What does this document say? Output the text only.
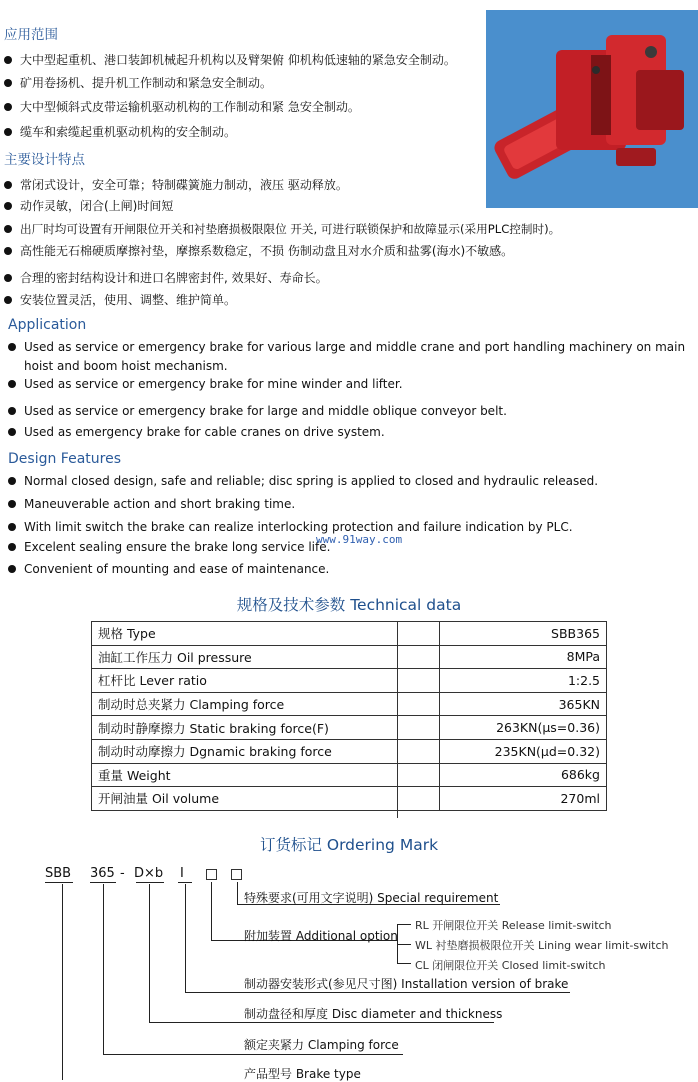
应用范围
大中型起重机、港口装卸机械起升机构以及臂架俯 仰机构低速轴的紧急安全制动。
矿用卷扬机、提升机工作制动和紧急安全制动。
大中型倾斜式皮带运输机驱动机构的工作制动和紧 急安全制动。
缆车和索缆起重机驱动机构的安全制动。
主要设计特点
常闭式设计，安全可靠；特制碟簧施力制动，液压 驱动释放。
动作灵敏，闭合(上闸)时间短
出厂时均可设置有开闸限位开关和衬垫磨损极限限位 开关, 可进行联锁保护和故障显示(采用PLC控制时)。
高性能无石棉硬质摩擦衬垫，摩擦系数稳定，不损 伤制动盘且对水介质和盐雾(海水)不敏感。
合理的密封结构设计和进口名牌密封件, 效果好、寿命长。
安装位置灵活，使用、调整、维护简单。
Application
Used as service or emergency brake for various large and middle crane and port handling machinery on main
hoist and boom hoist mechanism.
Used as service or emergency brake for mine winder and lifter.
Used as service or emergency brake for large and middle oblique conveyor belt.
Used as emergency brake for cable cranes on drive system.
Design Features
Normal closed design, safe and reliable; disc spring is applied to closed and hydraulic released.
Maneuverable action and short braking time.
With limit switch the brake can realize interlocking protection and failure indication by PLC.
Excelent sealing ensure the brake long service life.
Convenient of mounting and ease of maintenance.
www.91way.com
规格及技术参数 Technical data
规格 Type	SBB365
油缸工作压力 Oil pressure	8MPa
杠杆比 Lever ratio	1:2.5
制动时总夹紧力 Clamping force	365KN
制动时静摩擦力 Static braking force(F)	263KN(μs=0.36)
制动时动摩擦力 Dgnamic braking force	235KN(μd=0.32)
重量 Weight	686kg
开闸油量 Oil volume	270ml
订货标记 Ordering Mark
SBB 365 - D×b I
特殊要求(可用文字说明) Special requirement
附加装置 Additional option
RL 开闸限位开关 Release limit-switch
WL 衬垫磨损极限位开关 Lining wear limit-switch
CL 闭闸限位开关 Closed limit-switch
制动器安装形式(参见尺寸图) Installation version of brake
制动盘径和厚度 Disc diameter and thickness
额定夹紧力 Clamping force
产品型号 Brake type
